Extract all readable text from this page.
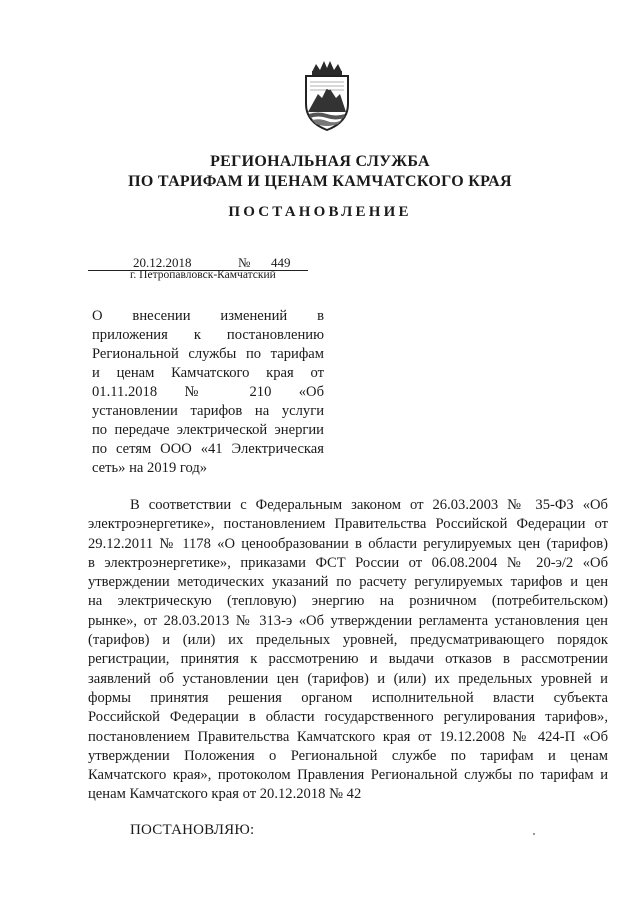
РЕГИОНАЛЬНАЯ СЛУЖБА
ПО ТАРИФАМ И ЦЕНАМ КАМЧАТСКОГО КРАЯ
ПОСТАНОВЛЕНИЕ
20.12.2018	№ 449
г. Петропавловск-Камчатский
О внесении изменений в
приложения к постановлению
Региональной службы по тарифам
и ценам Камчатского края от
01.11.2018 № 210 «Об
установлении тарифов на услуги
по передаче электрической энергии
по сетям ООО «41 Электрическая
сеть» на 2019 год»
В соответствии с Федеральным законом от 26.03.2003 № 35-ФЗ «Об
электроэнергетике», постановлением Правительства Российской Федерации от
29.12.2011 № 1178 «О ценообразовании в области регулируемых цен (тарифов)
в электроэнергетике», приказами ФСТ России от 06.08.2004 № 20-э/2 «Об
утверждении методических указаний по расчету регулируемых тарифов и цен
на электрическую (тепловую) энергию на розничном (потребительском)
рынке», от 28.03.2013 № 313-э «Об утверждении регламента установления цен
(тарифов) и (или) их предельных уровней, предусматривающего порядок
регистрации, принятия к рассмотрению и выдачи отказов в рассмотрении
заявлений об установлении цен (тарифов) и (или) их предельных уровней и
формы принятия решения органом исполнительной власти субъекта
Российской Федерации в области государственного регулирования тарифов»,
постановлением Правительства Камчатского края от 19.12.2008 № 424-П «Об
утверждении Положения о Региональной службе по тарифам и ценам
Камчатского края», протоколом Правления Региональной службы по тарифам и
ценам Камчатского края от 20.12.2018 № 42
ПОСТАНОВЛЯЮ:
